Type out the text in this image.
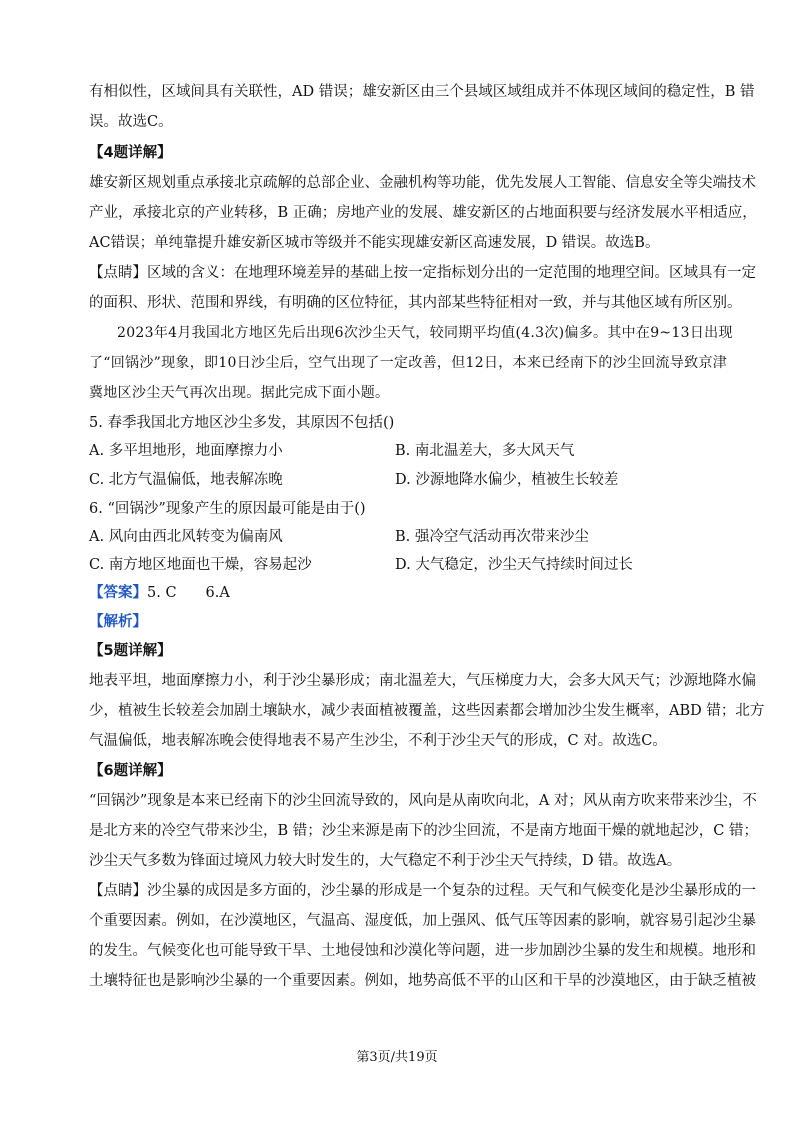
有相似性，区域间具有关联性，AD 错误；雄安新区由三个县域区域组成并不体现区域间的稳定性，B 错
误。故选C。
【4题详解】
雄安新区规划重点承接北京疏解的总部企业、金融机构等功能，优先发展人工智能、信息安全等尖端技术
产业，承接北京的产业转移，B 正确；房地产业的发展、雄安新区的占地面积要与经济发展水平相适应，
AC错误；单纯靠提升雄安新区城市等级并不能实现雄安新区高速发展，D 错误。故选B。
【点睛】区域的含义：在地理环境差异的基础上按一定指标划分出的一定范围的地理空间。区域具有一定
的面积、形状、范围和界线，有明确的区位特征，其内部某些特征相对一致，并与其他区域有所区别。
2023年4月我国北方地区先后出现6次沙尘天气，较同期平均值(4.3次)偏多。其中在9~13日出现
了“回锅沙”现象，即10日沙尘后，空气出现了一定改善，但12日，本来已经南下的沙尘回流导致京津
冀地区沙尘天气再次出现。据此完成下面小题。
5. 春季我国北方地区沙尘多发，其原因不包括()
A. 多平坦地形，地面摩擦力小	B. 南北温差大，多大风天气
C. 北方气温偏低，地表解冻晚	D. 沙源地降水偏少，植被生长较差
6. “回锅沙”现象产生的原因最可能是由于()
A. 风向由西北风转变为偏南风	B. 强冷空气活动再次带来沙尘
C. 南方地区地面也干燥，容易起沙	D. 大气稳定，沙尘天气持续时间过长
【答案】5. C　　6.A
【解析】
【5题详解】
地表平坦，地面摩擦力小，利于沙尘暴形成；南北温差大，气压梯度力大，会多大风天气；沙源地降水偏
少，植被生长较差会加剧土壤缺水，减少表面植被覆盖，这些因素都会增加沙尘发生概率，ABD 错；北方
气温偏低，地表解冻晚会使得地表不易产生沙尘，不利于沙尘天气的形成，C 对。故选C。
【6题详解】
“回锅沙”现象是本来已经南下的沙尘回流导致的，风向是从南吹向北，A 对；风从南方吹来带来沙尘，不
是北方来的冷空气带来沙尘，B 错；沙尘来源是南下的沙尘回流，不是南方地面干燥的就地起沙，C 错；
沙尘天气多数为锋面过境风力较大时发生的，大气稳定不利于沙尘天气持续，D 错。故选A。
【点睛】沙尘暴的成因是多方面的，沙尘暴的形成是一个复杂的过程。天气和气候变化是沙尘暴形成的一
个重要因素。例如，在沙漠地区，气温高、湿度低，加上强风、低气压等因素的影响，就容易引起沙尘暴
的发生。气候变化也可能导致干旱、土地侵蚀和沙漠化等问题，进一步加剧沙尘暴的发生和规模。地形和
土壤特征也是影响沙尘暴的一个重要因素。例如，地势高低不平的山区和干旱的沙漠地区，由于缺乏植被
第3页/共19页
